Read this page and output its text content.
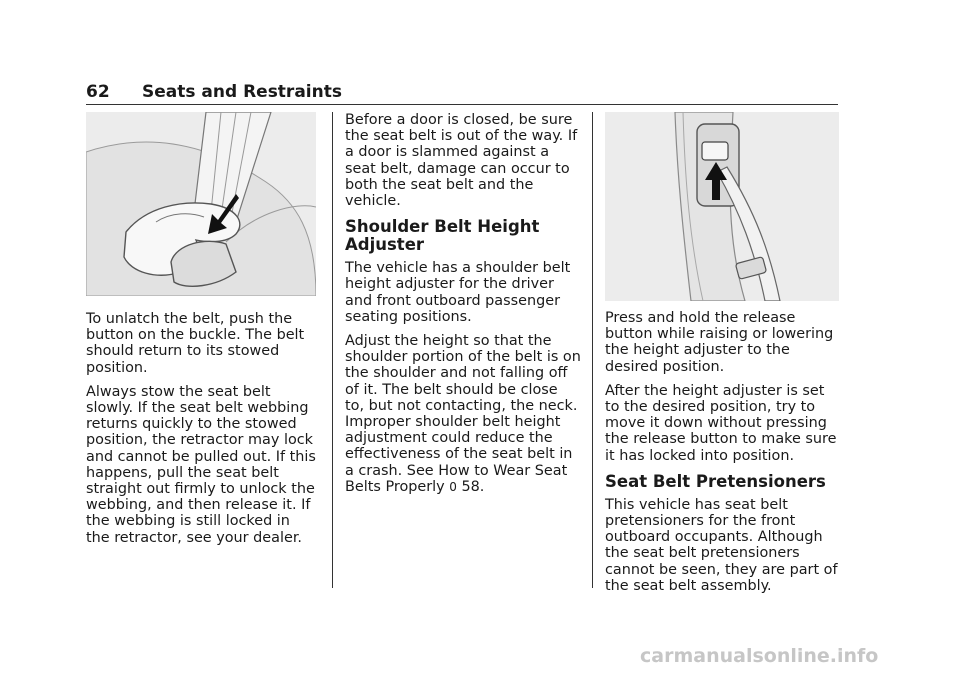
62 Seats and Restraints

To unlatch the belt, push the button on the buckle. The belt should return to its stowed position.

Always stow the seat belt slowly. If the seat belt webbing returns quickly to the stowed position, the retractor may lock and cannot be pulled out. If this happens, pull the seat belt straight out firmly to unlock the webbing, and then release it. If the webbing is still locked in the retractor, see your dealer.

Before a door is closed, be sure the seat belt is out of the way. If a door is slammed against a seat belt, damage can occur to both the seat belt and the vehicle.

Shoulder Belt Height Adjuster

The vehicle has a shoulder belt height adjuster for the driver and front outboard passenger seating positions.

Adjust the height so that the shoulder portion of the belt is on the shoulder and not falling off of it. The belt should be close to, but not contacting, the neck. Improper shoulder belt height adjustment could reduce the effectiveness of the seat belt in a crash. See How to Wear Seat Belts Properly 0 58.

Press and hold the release button while raising or lowering the height adjuster to the desired position.

After the height adjuster is set to the desired position, try to move it down without pressing the release button to make sure it has locked into position.

Seat Belt Pretensioners

This vehicle has seat belt pretensioners for the front outboard occupants. Although the seat belt pretensioners cannot be seen, they are part of the seat belt assembly.

carmanualsonline.info
